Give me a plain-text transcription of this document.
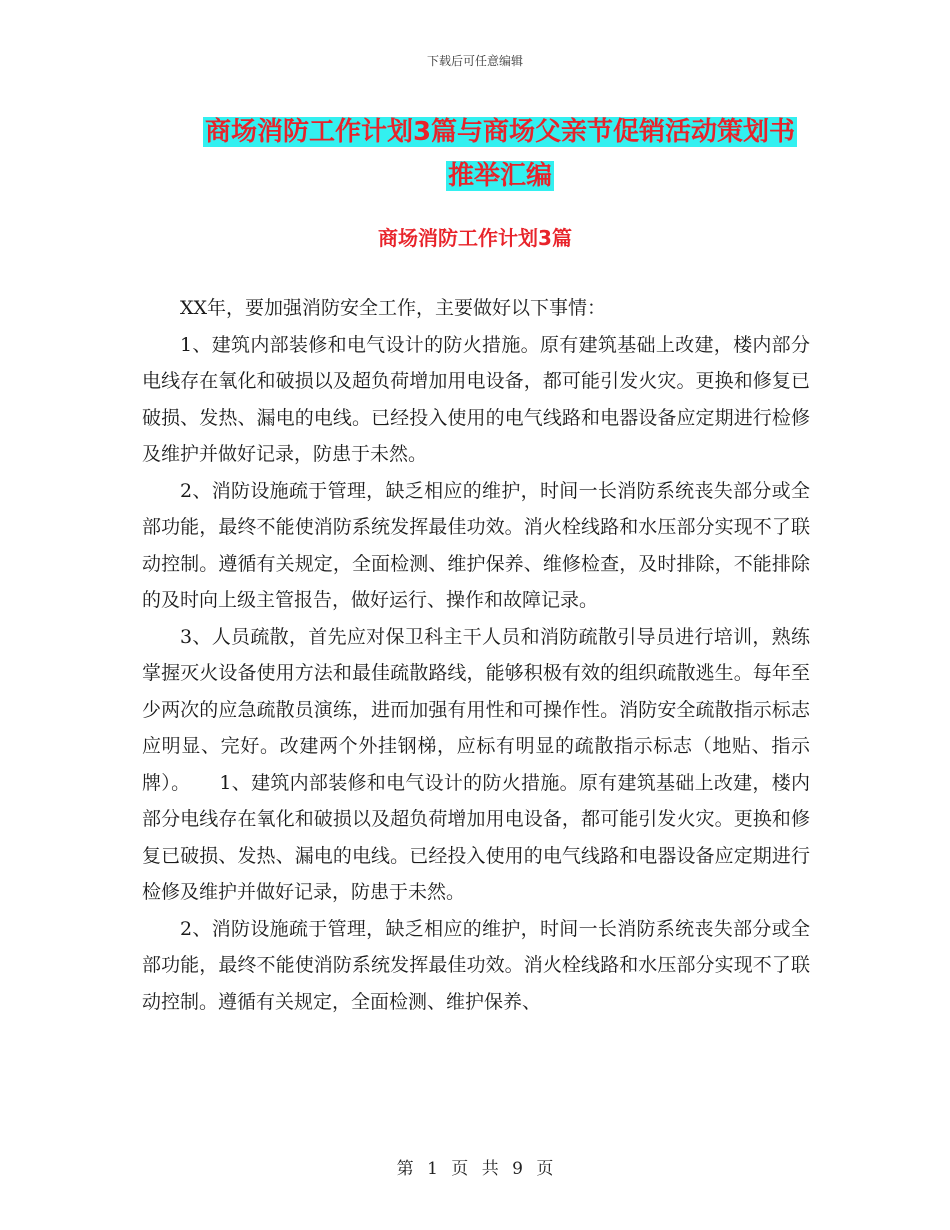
下载后可任意编辑
商场消防工作计划3篇与商场父亲节促销活动策划书
推举汇编
商场消防工作计划3篇

XX年，要加强消防安全工作，主要做好以下事情：

1、建筑内部装修和电气设计的防火措施。原有建筑基础上改建，楼内部分电线存在氧化和破损以及超负荷增加用电设备，都可能引发火灾。更换和修复已破损、发热、漏电的电线。已经投入使用的电气线路和电器设备应定期进行检修及维护并做好记录，防患于未然。

2、消防设施疏于管理，缺乏相应的维护，时间一长消防系统丧失部分或全部功能，最终不能使消防系统发挥最佳功效。消火栓线路和水压部分实现不了联动控制。遵循有关规定，全面检测、维护保养、维修检查，及时排除，不能排除的及时向上级主管报告，做好运行、操作和故障记录。

3、人员疏散，首先应对保卫科主干人员和消防疏散引导员进行培训，熟练掌握灭火设备使用方法和最佳疏散路线，能够积极有效的组织疏散逃生。每年至少两次的应急疏散员演练，进而加强有用性和可操作性。消防安全疏散指示标志应明显、完好。改建两个外挂钢梯，应标有明显的疏散指示标志（地贴、指示牌）。　　1、建筑内部装修和电气设计的防火措施。原有建筑基础上改建，楼内部分电线存在氧化和破损以及超负荷增加用电设备，都可能引发火灾。更换和修复已破损、发热、漏电的电线。已经投入使用的电气线路和电器设备应定期进行检修及维护并做好记录，防患于未然。

2、消防设施疏于管理，缺乏相应的维护，时间一长消防系统丧失部分或全部功能，最终不能使消防系统发挥最佳功效。消火栓线路和水压部分实现不了联动控制。遵循有关规定，全面检测、维护保养、

第 1 页 共 9 页
